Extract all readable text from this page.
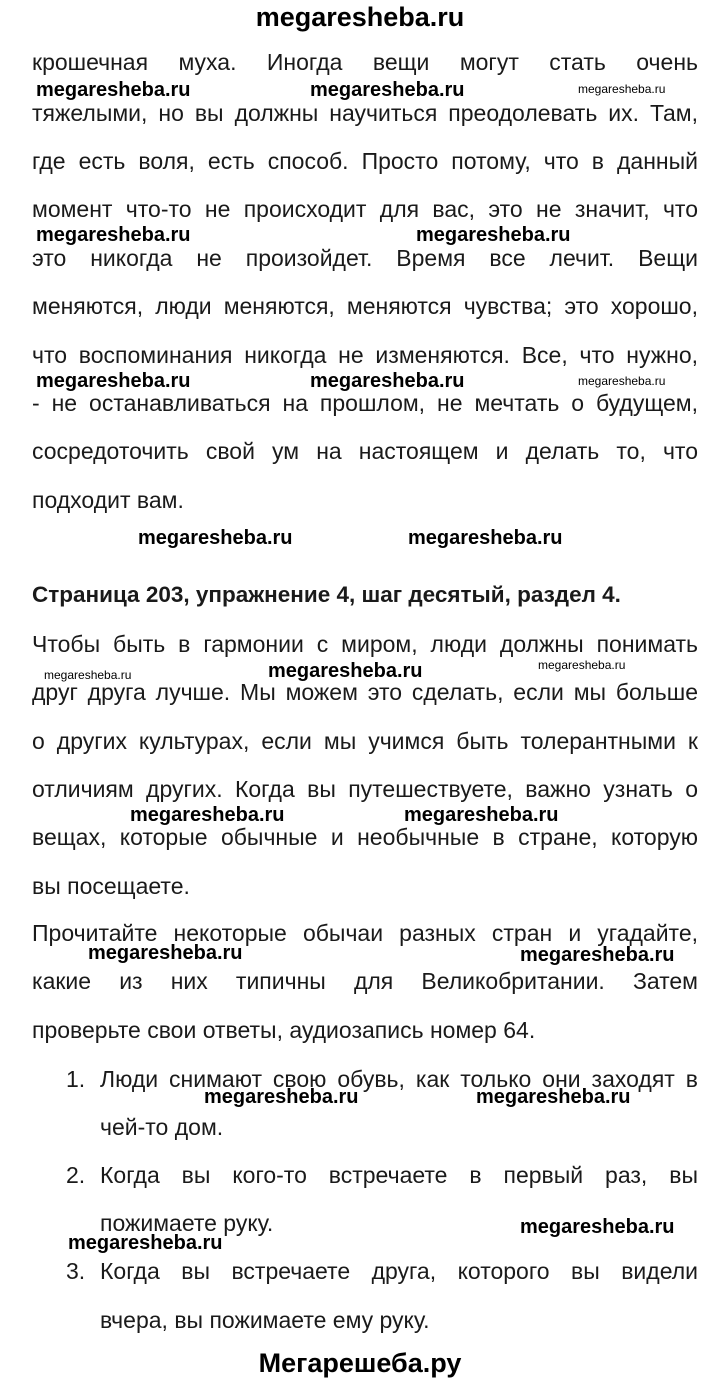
megaresheba.ru
крошечная муха. Иногда вещи могут стать очень
тяжелыми, но вы должны научиться преодолевать их. Там,
где есть воля, есть способ. Просто потому, что в данный
момент что-то не происходит для вас, это не значит, что
это никогда не произойдет. Время все лечит. Вещи
меняются, люди меняются, меняются чувства; это хорошо,
что воспоминания никогда не изменяются. Все, что нужно,
- не останавливаться на прошлом, не мечтать о будущем,
сосредоточить свой ум на настоящем и делать то, что
подходит вам.
Страница 203, упражнение 4, шаг десятый, раздел 4.
Чтобы быть в гармонии с миром, люди должны понимать
друг друга лучше. Мы можем это сделать, если мы больше
о других культурах, если мы учимся быть толерантными к
отличиям других. Когда вы путешествуете, важно узнать о
вещах, которые обычные и необычные в стране, которую
вы посещаете.
Прочитайте некоторые обычаи разных стран и угадайте,
какие из них типичны для Великобритании. Затем
проверьте свои ответы, аудиозапись номер 64.
1. Люди снимают свою обувь, как только они заходят в
чей-то дом.
2. Когда вы кого-то встречаете в первый раз, вы
пожимаете руку.
3. Когда вы встречаете друга, которого вы видели
вчера, вы пожимаете ему руку.
megaresheba.ru	megaresheba.ru	megaresheba.ru
megaresheba.ru	megaresheba.ru
megaresheba.ru	megaresheba.ru	megaresheba.ru
megaresheba.ru	megaresheba.ru
megaresheba.ru	megaresheba.ru	megaresheba.ru
megaresheba.ru	megaresheba.ru
megaresheba.ru	megaresheba.ru
megaresheba.ru	megaresheba.ru
megaresheba.ru
megaresheba.ru
Мегарешеба.ру
